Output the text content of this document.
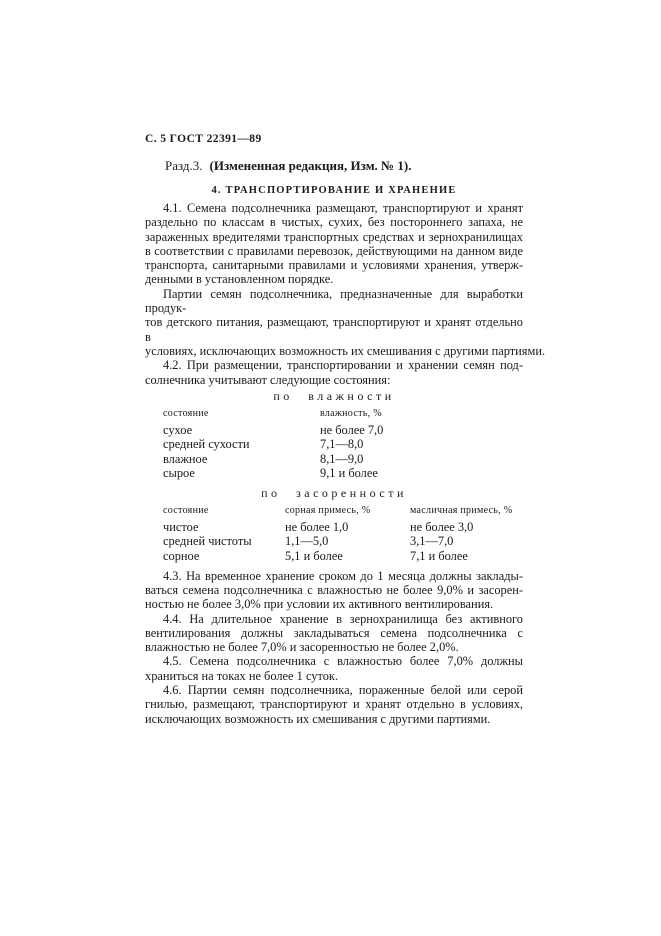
С. 5 ГОСТ 22391—89
Разд.3. (Измененная редакция, Изм. № 1).
4. ТРАНСПОРТИРОВАНИЕ И ХРАНЕНИЕ
4.1. Семена подсолнечника размещают, транспортируют и хранят
раздельно по классам в чистых, сухих, без постороннего запаха, не
зараженных вредителями транспортных средствах и зернохранилищах
в соответствии с правилами перевозок, действующими на данном виде
транспорта, санитарными правилами и условиями хранения, утверж-
денными в установленном порядке.
Партии семян подсолнечника, предназначенные для выработки продук-
тов детского питания, размещают, транспортируют и хранят отдельно в
условиях, исключающих возможность их смешивания с другими партиями.
4.2. При размещении, транспортировании и хранении семян под-
солнечника учитывают следующие состояния:
по влажности
состояние	влажность, %
сухое	не более 7,0
средней сухости	7,1—8,0
влажное	8,1—9,0
сырое	9,1 и более
по засоренности
состояние	сорная примесь, %	масличная примесь, %
чистое	не более 1,0	не более 3,0
средней чистоты	1,1—5,0	3,1—7,0
сорное	5,1 и более	7,1 и более
4.3. На временное хранение сроком до 1 месяца должны заклады-
ваться семена подсолнечника с влажностью не более 9,0% и засорен-
ностью не более 3,0% при условии их активного вентилирования.
4.4. На длительное хранение в зернохранилища без активного
вентилирования должны закладываться семена подсолнечника с
влажностью не более 7,0% и засоренностью не более 2,0%.
4.5. Семена подсолнечника с влажностью более 7,0% должны
храниться на токах не более 1 суток.
4.6. Партии семян подсолнечника, пораженные белой или серой
гнилью, размещают, транспортируют и хранят отдельно в условиях,
исключающих возможность их смешивания с другими партиями.
